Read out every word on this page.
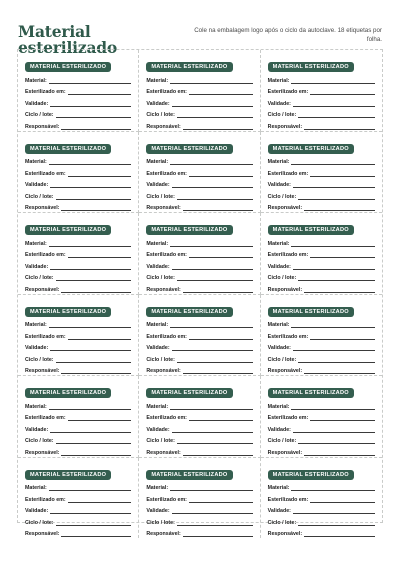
Material esterilizado
Cole na embalagem logo após o ciclo da autoclave. 18 etiquetas por folha.
MATERIAL ESTERILIZADO
Material:
Esterilizado em:
Validade:
Ciclo / lote:
Responsável:
MATERIAL ESTERILIZADO
Material:
Esterilizado em:
Validade:
Ciclo / lote:
Responsável:
MATERIAL ESTERILIZADO
Material:
Esterilizado em:
Validade:
Ciclo / lote:
Responsável:
MATERIAL ESTERILIZADO
Material:
Esterilizado em:
Validade:
Ciclo / lote:
Responsável:
MATERIAL ESTERILIZADO
Material:
Esterilizado em:
Validade:
Ciclo / lote:
Responsável:
MATERIAL ESTERILIZADO
Material:
Esterilizado em:
Validade:
Ciclo / lote:
Responsável:
MATERIAL ESTERILIZADO
Material:
Esterilizado em:
Validade:
Ciclo / lote:
Responsável:
MATERIAL ESTERILIZADO
Material:
Esterilizado em:
Validade:
Ciclo / lote:
Responsável:
MATERIAL ESTERILIZADO
Material:
Esterilizado em:
Validade:
Ciclo / lote:
Responsável:
MATERIAL ESTERILIZADO
Material:
Esterilizado em:
Validade:
Ciclo / lote:
Responsável:
MATERIAL ESTERILIZADO
Material:
Esterilizado em:
Validade:
Ciclo / lote:
Responsável:
MATERIAL ESTERILIZADO
Material:
Esterilizado em:
Validade:
Ciclo / lote:
Responsável:
MATERIAL ESTERILIZADO
Material:
Esterilizado em:
Validade:
Ciclo / lote:
Responsável:
MATERIAL ESTERILIZADO
Material:
Esterilizado em:
Validade:
Ciclo / lote:
Responsável:
MATERIAL ESTERILIZADO
Material:
Esterilizado em:
Validade:
Ciclo / lote:
Responsável:
MATERIAL ESTERILIZADO
Material:
Esterilizado em:
Validade:
Ciclo / lote:
Responsável:
MATERIAL ESTERILIZADO
Material:
Esterilizado em:
Validade:
Ciclo / lote:
Responsável:
MATERIAL ESTERILIZADO
Material:
Esterilizado em:
Validade:
Ciclo / lote:
Responsável:
